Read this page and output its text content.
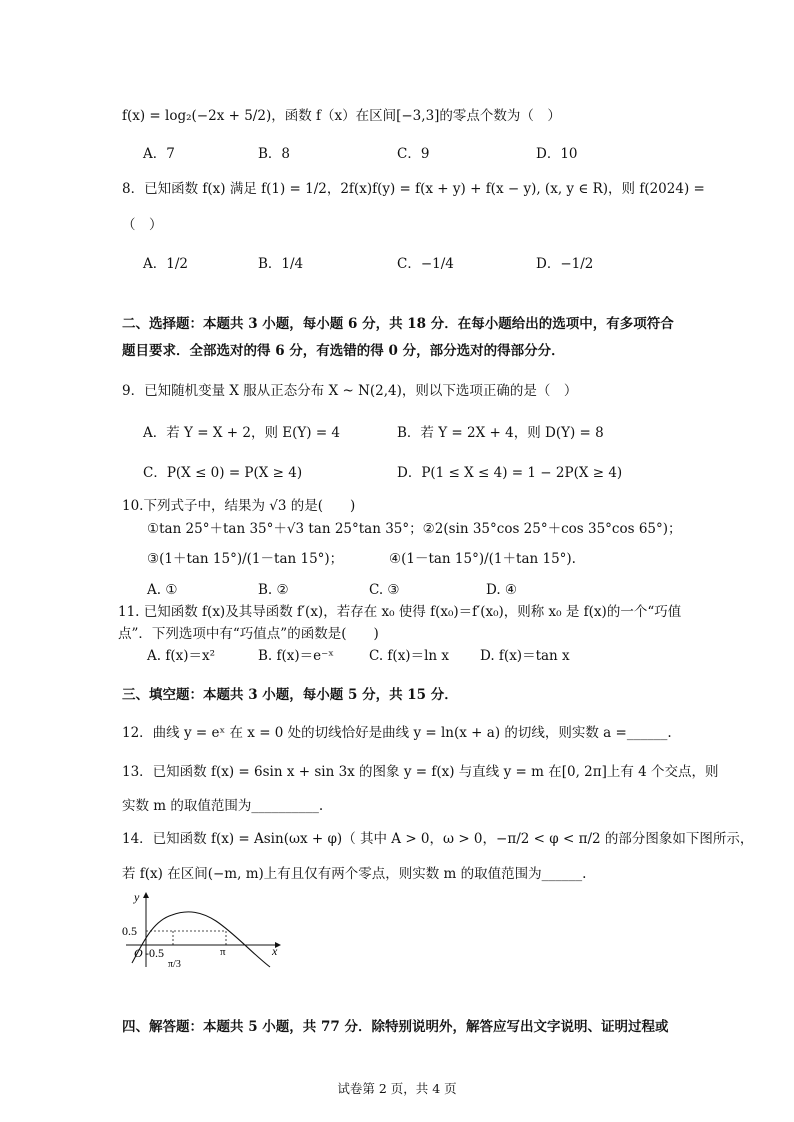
f(x) = log₂(−2x + 5/2)，函数 f（x）在区间[−3,3]的零点个数为（　）
A．7	B．8	C．9	D．10
8．已知函数 f(x) 满足 f(1) = 1/2，2f(x)f(y) = f(x + y) + f(x − y), (x, y ∈ R)，则 f(2024) =
（　）
A．1/2	B．1/4	C．−1/4	D．−1/2
二、选择题：本题共 3 小题，每小题 6 分，共 18 分．在每小题给出的选项中，有多项符合
题目要求．全部选对的得 6 分，有选错的得 0 分，部分选对的得部分分．
9．已知随机变量 X 服从正态分布 X ~ N(2,4)，则以下选项正确的是（　）
A．若 Y = X + 2，则 E(Y) = 4	B．若 Y = 2X + 4，则 D(Y) = 8
C．P(X ≤ 0) = P(X ≥ 4)	D．P(1 ≤ X ≤ 4) = 1 − 2P(X ≥ 4)
10.下列式子中，结果为 √3 的是(　　)
①tan 25°＋tan 35°＋√3 tan 25°tan 35°；②2(sin 35°cos 25°＋cos 35°cos 65°)；
③(1＋tan 15°)/(1－tan 15°)；	④(1－tan 15°)/(1＋tan 15°).
A. ①	B. ②	C. ③	D. ④
11. 已知函数 f(x)及其导函数 f′(x)，若存在 x₀ 使得 f(x₀)＝f′(x₀)，则称 x₀ 是 f(x)的一个“巧值
点”．下列选项中有“巧值点”的函数是(　　)
A. f(x)＝x²	B. f(x)＝e⁻ˣ	C. f(x)＝ln x D. f(x)＝tan x
三、填空题：本题共 3 小题，每小题 5 分，共 15 分．
12．曲线 y = eˣ 在 x = 0 处的切线恰好是曲线 y = ln(x + a) 的切线，则实数 a =______.
13．已知函数 f(x) = 6sin x + sin 3x 的图象 y = f(x) 与直线 y = m 在[0, 2π]上有 4 个交点，则
实数 m 的取值范围为__________.
14．已知函数 f(x) = Asin(ωx + φ)（ 其中 A > 0，ω > 0，−π/2 < φ < π/2 的部分图象如下图所示，
若 f(x) 在区间(−m, m)上有且仅有两个零点，则实数 m 的取值范围为______.
y
x
0.5
O -0.5
π/3
π
四、解答题：本题共 5 小题，共 77 分．除特别说明外，解答应写出文字说明、证明过程或
试卷第 2 页，共 4 页
